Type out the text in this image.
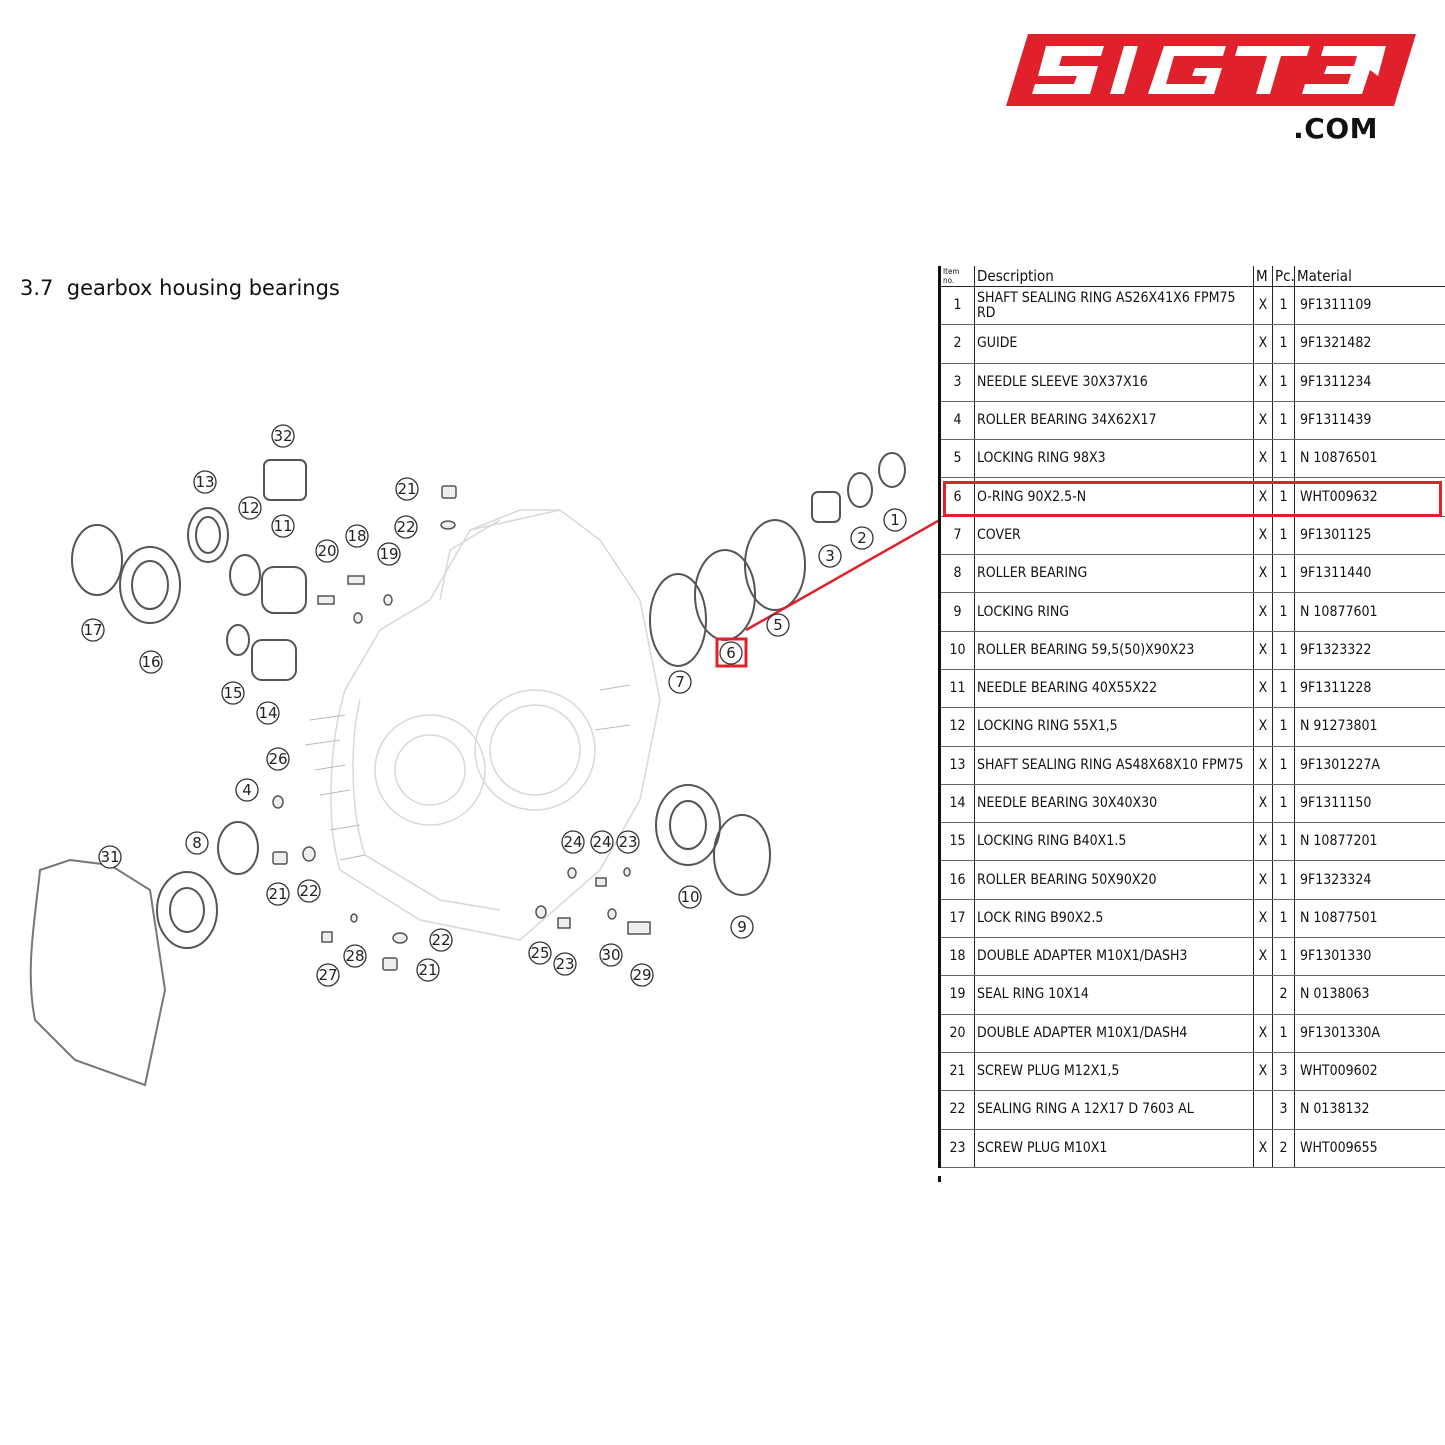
.COM
3.7  gearbox housing bearings
1
2
3
4
5
6
7
8
9
10
11
12
13
14
15
16
17
18
19
20
21
22
23
24
25
26
27
28
29
30
31
32
21 22
24 23
21
22
Item no.	Description	M	Pc.	Material
1	SHAFT SEALING RING AS26X41X6 FPM75 RD	X	1	9F1311109
2	GUIDE	X	1	9F1321482
3	NEEDLE SLEEVE 30X37X16	X	1	9F1311234
4	ROLLER BEARING 34X62X17	X	1	9F1311439
5	LOCKING RING 98X3	X	1	N 10876501
6	O-RING 90X2.5-N	X	1	WHT009632
7	COVER	X	1	9F1301125
8	ROLLER BEARING	X	1	9F1311440
9	LOCKING RING	X	1	N 10877601
10	ROLLER BEARING 59,5(50)X90X23	X	1	9F1323322
11	NEEDLE BEARING 40X55X22	X	1	9F1311228
12	LOCKING RING 55X1,5	X	1	N 91273801
13	SHAFT SEALING RING AS48X68X10 FPM75	X	1	9F1301227A
14	NEEDLE BEARING 30X40X30	X	1	9F1311150
15	LOCKING RING B40X1.5	X	1	N 10877201
16	ROLLER BEARING 50X90X20	X	1	9F1323324
17	LOCK RING B90X2.5	X	1	N 10877501
18	DOUBLE ADAPTER M10X1/DASH3	X	1	9F1301330
19	SEAL RING 10X14		2	N 0138063
20	DOUBLE ADAPTER M10X1/DASH4	X	1	9F1301330A
21	SCREW PLUG M12X1,5	X	3	WHT009602
22	SEALING RING A 12X17 D 7603 AL		3	N 0138132
23	SCREW PLUG M10X1	X	2	WHT009655
